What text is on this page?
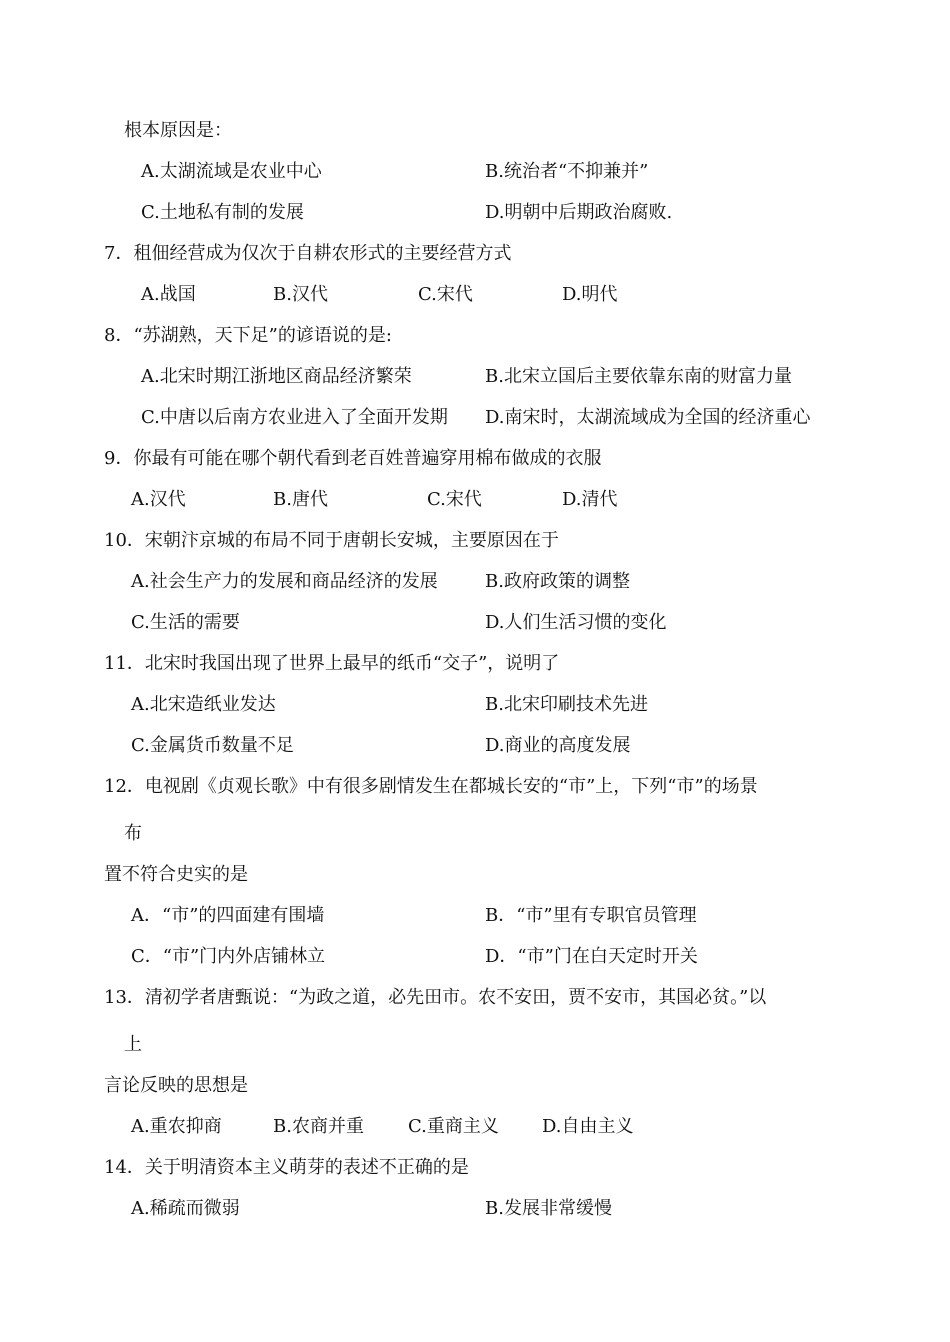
根本原因是：
A.太湖流域是农业中心	B.统治者“不抑兼并”
C.土地私有制的发展	D.明朝中后期政治腐败.
7．租佃经营成为仅次于自耕农形式的主要经营方式
A.战国	B.汉代	C.宋代	D.明代
8．“苏湖熟，天下足”的谚语说的是:
A.北宋时期江浙地区商品经济繁荣	B.北宋立国后主要依靠东南的财富力量
C.中唐以后南方农业进入了全面开发期 D.南宋时，太湖流域成为全国的经济重心
9．你最有可能在哪个朝代看到老百姓普遍穿用棉布做成的衣服
A.汉代	B.唐代	C.宋代	D.清代
10．宋朝汴京城的布局不同于唐朝长安城，主要原因在于
A.社会生产力的发展和商品经济的发展	B.政府政策的调整
C.生活的需要	D.人们生活习惯的变化
11．北宋时我国出现了世界上最早的纸币“交子”，说明了
A.北宋造纸业发达	B.北宋印刷技术先进
C.金属货币数量不足	D.商业的高度发展
12．电视剧《贞观长歌》中有很多剧情发生在都城长安的“市”上，下列“市”的场景
布
置不符合史实的是
A．“市”的四面建有围墙	B．“市”里有专职官员管理
C．“市”门内外店铺林立	D．“市”门在白天定时开关
13．清初学者唐甄说：“为政之道，必先田市。农不安田，贾不安市，其国必贫。”以
上
言论反映的思想是
A.重农抑商	B.农商并重 C.重商主义 D.自由主义
14．关于明清资本主义萌芽的表述不正确的是
A.稀疏而微弱	B.发展非常缓慢
